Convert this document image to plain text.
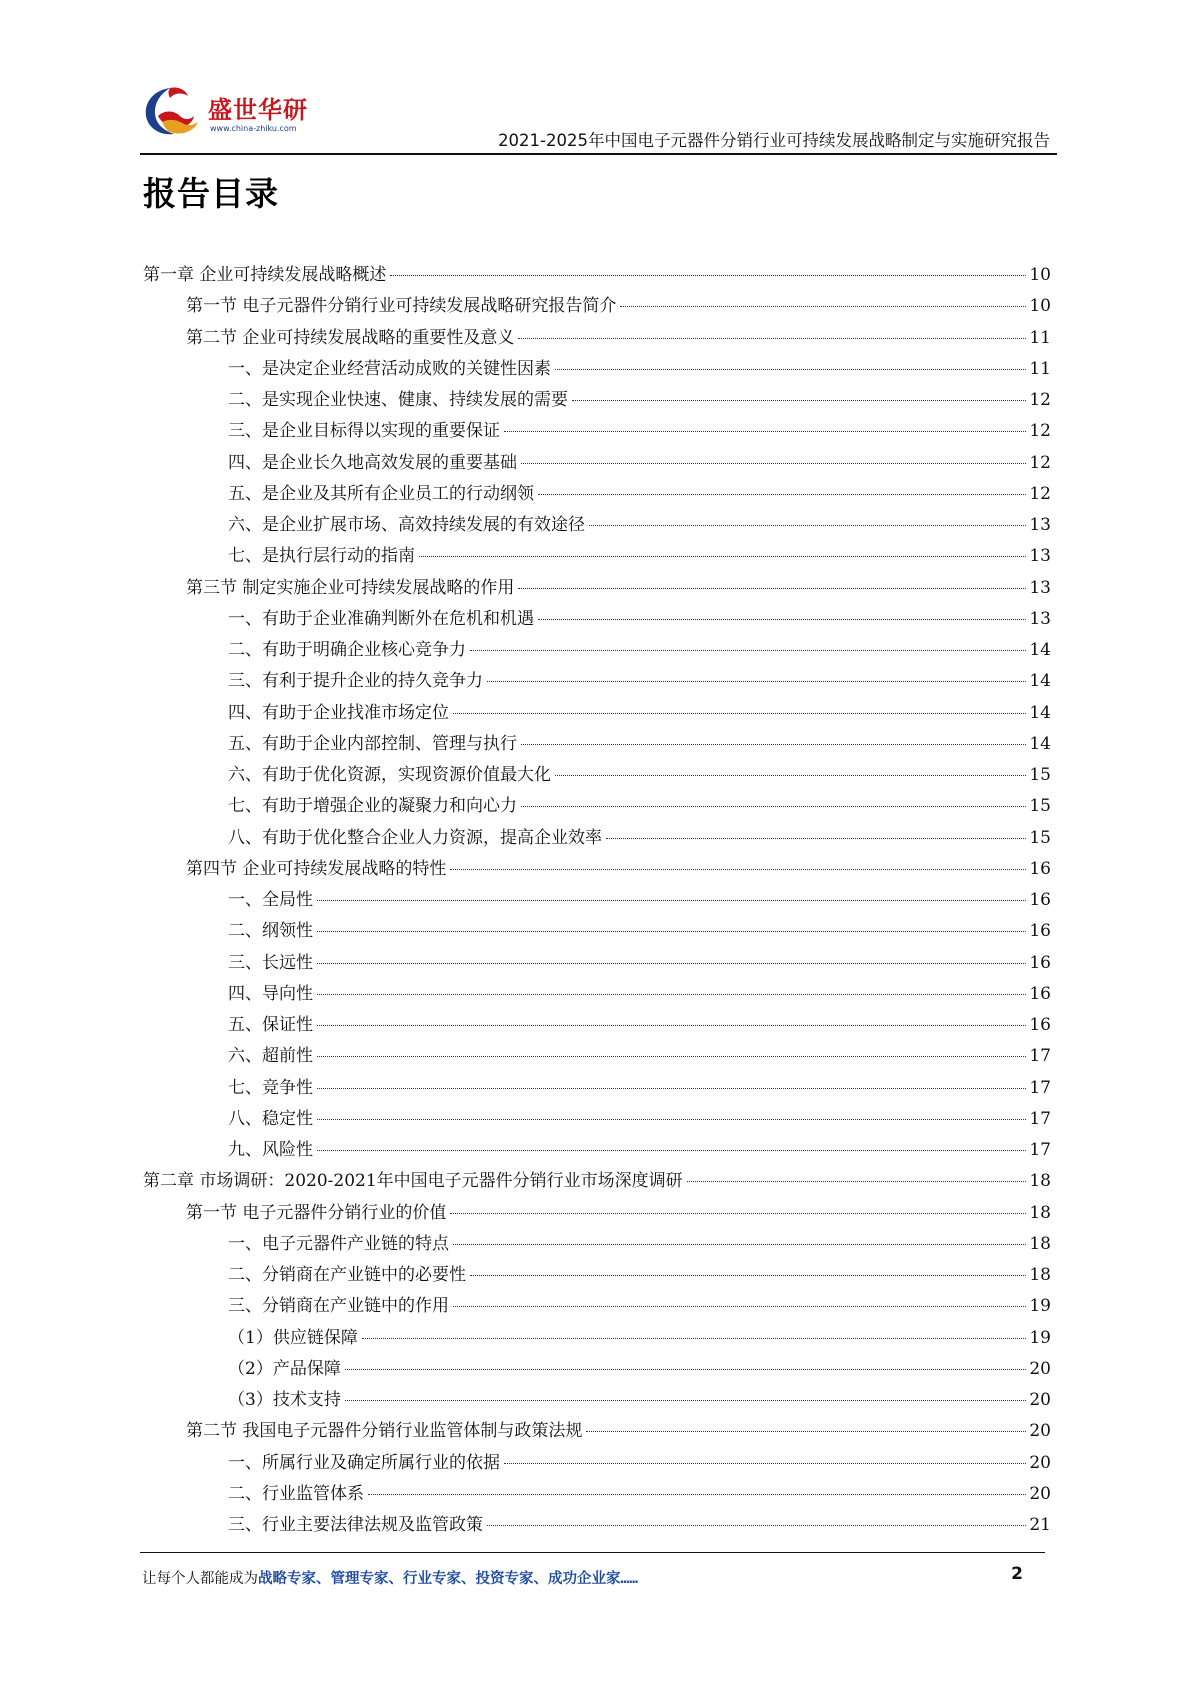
盛世华研
www.china-zhiku.com
2021-2025年中国电子元器件分销行业可持续发展战略制定与实施研究报告
报告目录
第一章 企业可持续发展战略概述	10
第一节 电子元器件分销行业可持续发展战略研究报告简介	10
第二节 企业可持续发展战略的重要性及意义	11
一、是决定企业经营活动成败的关键性因素	11
二、是实现企业快速、健康、持续发展的需要	12
三、是企业目标得以实现的重要保证	12
四、是企业长久地高效发展的重要基础	12
五、是企业及其所有企业员工的行动纲领	12
六、是企业扩展市场、高效持续发展的有效途径	13
七、是执行层行动的指南	13
第三节 制定实施企业可持续发展战略的作用	13
一、有助于企业准确判断外在危机和机遇	13
二、有助于明确企业核心竞争力	14
三、有利于提升企业的持久竞争力	14
四、有助于企业找准市场定位	14
五、有助于企业内部控制、管理与执行	14
六、有助于优化资源，实现资源价值最大化	15
七、有助于增强企业的凝聚力和向心力	15
八、有助于优化整合企业人力资源，提高企业效率	15
第四节 企业可持续发展战略的特性	16
一、全局性	16
二、纲领性	16
三、长远性	16
四、导向性	16
五、保证性	16
六、超前性	17
七、竞争性	17
八、稳定性	17
九、风险性	17
第二章 市场调研：2020-2021年中国电子元器件分销行业市场深度调研	18
第一节 电子元器件分销行业的价值	18
一、电子元器件产业链的特点	18
二、分销商在产业链中的必要性	18
三、分销商在产业链中的作用	19
（1）供应链保障	19
（2）产品保障	20
（3）技术支持	20
第二节 我国电子元器件分销行业监管体制与政策法规	20
一、所属行业及确定所属行业的依据	20
二、行业监管体系	20
三、行业主要法律法规及监管政策	21
让每个人都能成为战略专家、管理专家、行业专家、投资专家、成功企业家……	2
